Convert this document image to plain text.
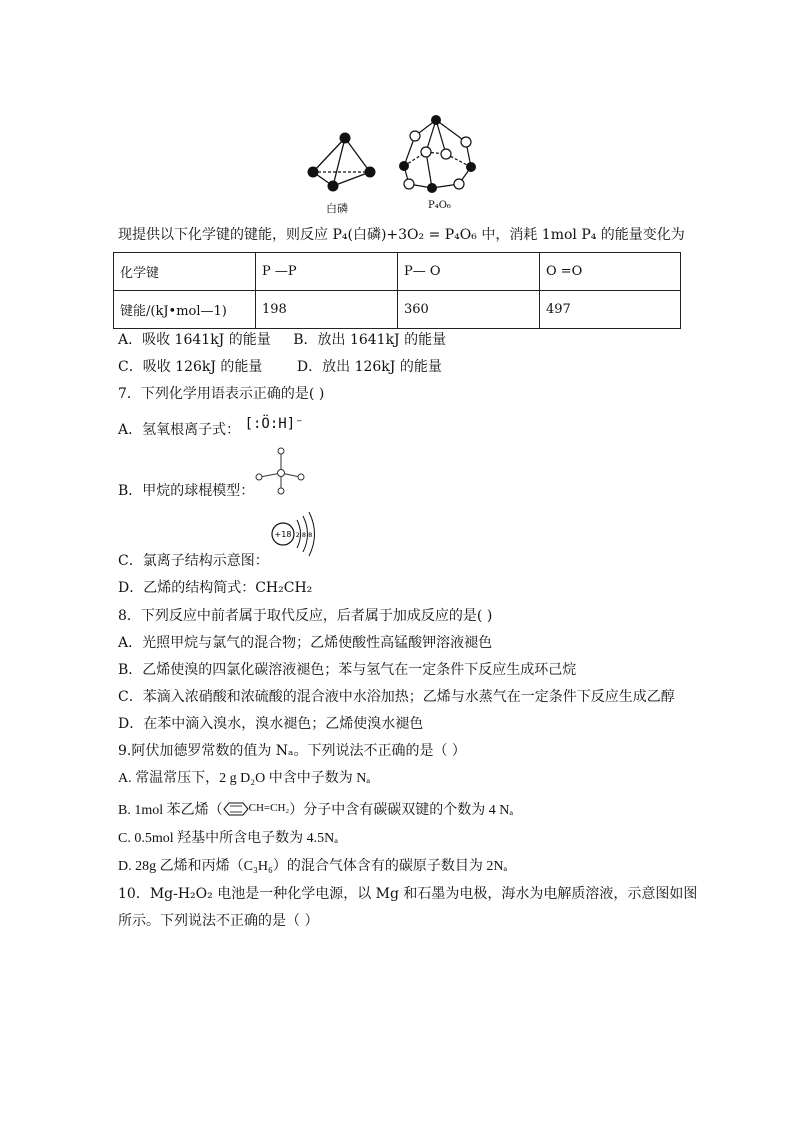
白磷	P₄O₆
现提供以下化学键的键能，则反应 P₄(白磷)+3O₂ = P₄O₆ 中，消耗 1mol P₄ 的能量变化为
化学键	P —P	P— O	O =O
键能/(kJ•mol—1)	198	360	497
A．吸收 1641kJ 的能量 B．放出 1641kJ 的能量
C．吸收 126kJ 的能量 D．放出 126kJ 的能量
7．下列化学用语表示正确的是( )
A．氢氧根离子式： [:Ö:H]⁻
B．甲烷的球棍模型：
+18 2 8 8
C．氯离子结构示意图：
D．乙烯的结构简式：CH₂CH₂
8．下列反应中前者属于取代反应，后者属于加成反应的是( )
A．光照甲烷与氯气的混合物；乙烯使酸性高锰酸钾溶液褪色
B．乙烯使溴的四氯化碳溶液褪色；苯与氢气在一定条件下反应生成环己烷
C．苯滴入浓硝酸和浓硫酸的混合液中水浴加热；乙烯与水蒸气在一定条件下反应生成乙醇
D．在苯中滴入溴水，溴水褪色；乙烯使溴水褪色
9.阿伏加德罗常数的值为 Nₐ。下列说法不正确的是（ ）
A. 常温常压下，2 g D₂O 中含中子数为 Nₐ
B. 1mol 苯乙烯（ $^{CH=CH_2}$）分子中含有碳碳双键的个数为 4 Nₐ
C. 0.5mol 羟基中所含电子数为 4.5Nₐ
D. 28g 乙烯和丙烯（C₃H₆）的混合气体含有的碳原子数目为 2Nₐ
10．Mg-H₂O₂ 电池是一种化学电源，以 Mg 和石墨为电极，海水为电解质溶液，示意图如图
所示。下列说法不正确的是（ ）
